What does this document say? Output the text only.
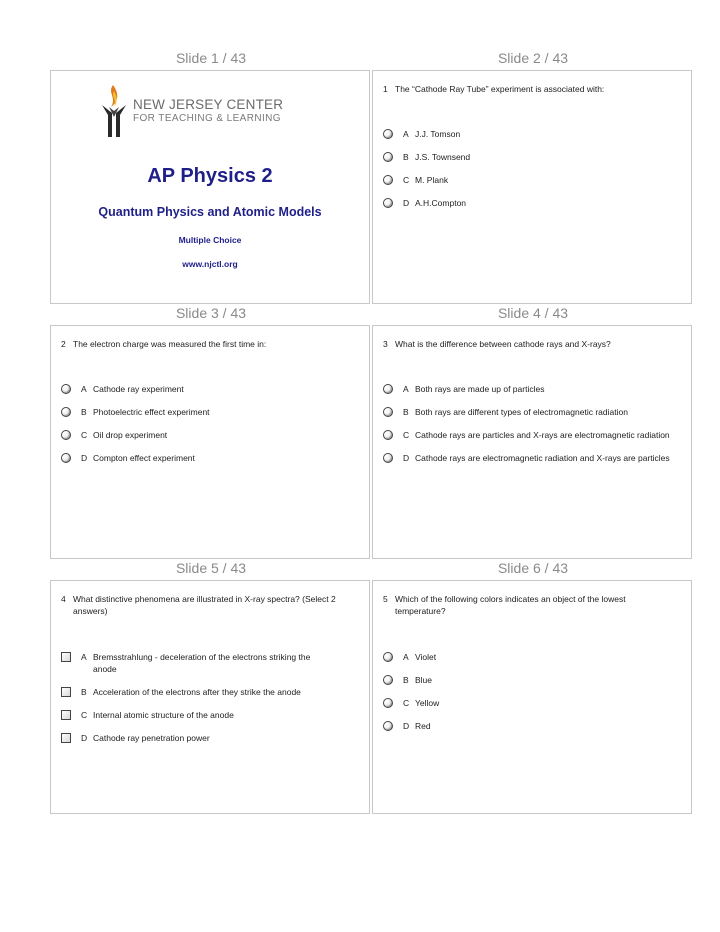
Slide 1 / 43	Slide 2 / 43
NEW JERSEY CENTER
FOR TEACHING & LEARNING
AP Physics 2
Quantum Physics and Atomic Models
Multiple Choice
www.njctl.org
1 The “Cathode Ray Tube” experiment is associated with:
A J.J. Tomson
B J.S. Townsend
C M. Plank
D A.H.Compton
Slide 3 / 43	Slide 4 / 43
2 The electron charge was measured the first time in:
A Cathode ray experiment
B Photoelectric effect experiment
C Oil drop experiment
D Compton effect experiment
3 What is the difference between cathode rays and X-rays?
A Both rays are made up of particles
B Both rays are different types of electromagnetic radiation
C Cathode rays are particles and X-rays are electromagnetic radiation
D Cathode rays are electromagnetic radiation and X-rays are particles
Slide 5 / 43	Slide 6 / 43
4 What distinctive phenomena are illustrated in X-ray spectra? (Select 2 answers)
A Bremsstrahlung - deceleration of the electrons striking the anode
B Acceleration of the electrons after they strike the anode
C Internal atomic structure of the anode
D Cathode ray penetration power
5 Which of the following colors indicates an object of the lowest temperature?
A Violet
B Blue
C Yellow
D Red
